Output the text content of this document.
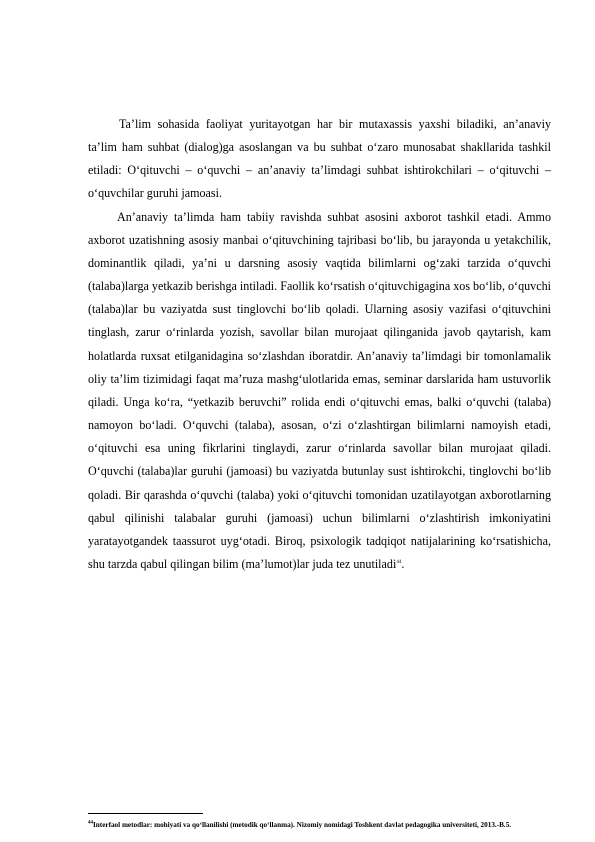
Ta’lim sohasida faoliyat yuritayotgan har bir mutaxassis yaxshi biladiki, an’anaviy ta’lim ham suhbat (dialog)ga asoslangan va bu suhbat o‘zaro munosabat shakllarida tashkil etiladi: O‘qituvchi – o‘quvchi – an’anaviy ta’limdagi suhbat ishtirokchilari – o‘qituvchi – o‘quvchilar guruhi jamoasi.

An’anaviy ta’limda ham tabiiy ravishda suhbat asosini axborot tashkil etadi. Ammo axborot uzatishning asosiy manbai o‘qituvchining tajribasi bo‘lib, bu jarayonda u yetakchilik, dominantlik qiladi, ya’ni u darsning asosiy vaqtida bilimlarni og‘zaki tarzida o‘quvchi (talaba)larga yetkazib berishga intiladi. Faollik ko‘rsatish o‘qituvchigagina xos bo‘lib, o‘quvchi (talaba)lar bu vaziyatda sust tinglovchi bo‘lib qoladi. Ularning asosiy vazifasi o‘qituvchini tinglash, zarur o‘rinlarda yozish, savollar bilan murojaat qilinganida javob qaytarish, kam holatlarda ruxsat etilganidagina so‘zlashdan iboratdir. An’anaviy ta’limdagi bir tomonlamalik oliy ta’lim tizimidagi faqat ma’ruza mashg‘ulotlarida emas, seminar darslarida ham ustuvorlik qiladi. Unga ko‘ra, “yetkazib beruvchi” rolida endi o‘qituvchi emas, balki o‘quvchi (talaba) namoyon bo‘ladi. O‘quvchi (talaba), asosan, o‘zi o‘zlashtirgan bilimlarni namoyish etadi, o‘qituvchi esa uning fikrlarini tinglaydi, zarur o‘rinlarda savollar bilan murojaat qiladi. O‘quvchi (talaba)lar guruhi (jamoasi) bu vaziyatda butunlay sust ishtirokchi, tinglovchi bo‘lib qoladi. Bir qarashda o‘quvchi (talaba) yoki o‘qituvchi tomonidan uzatilayotgan axborotlarning qabul qilinishi talabalar guruhi (jamoasi) uchun bilimlarni o‘zlashtirish imkoniyatini yaratayotgandek taassurot uyg‘otadi. Biroq, psixologik tadqiqot natijalarining ko‘rsatishicha, shu tarzda qabul qilingan bilim (ma’lumot)lar juda tez unutiladi$^{44}$.

$^{44}$Interfaol metodlar: mohiyati va qo‘llanilishi (metodik qo‘llanma). Nizomiy nomidagi Toshkent davlat pedagogika universiteti, 2013.-B.5.
